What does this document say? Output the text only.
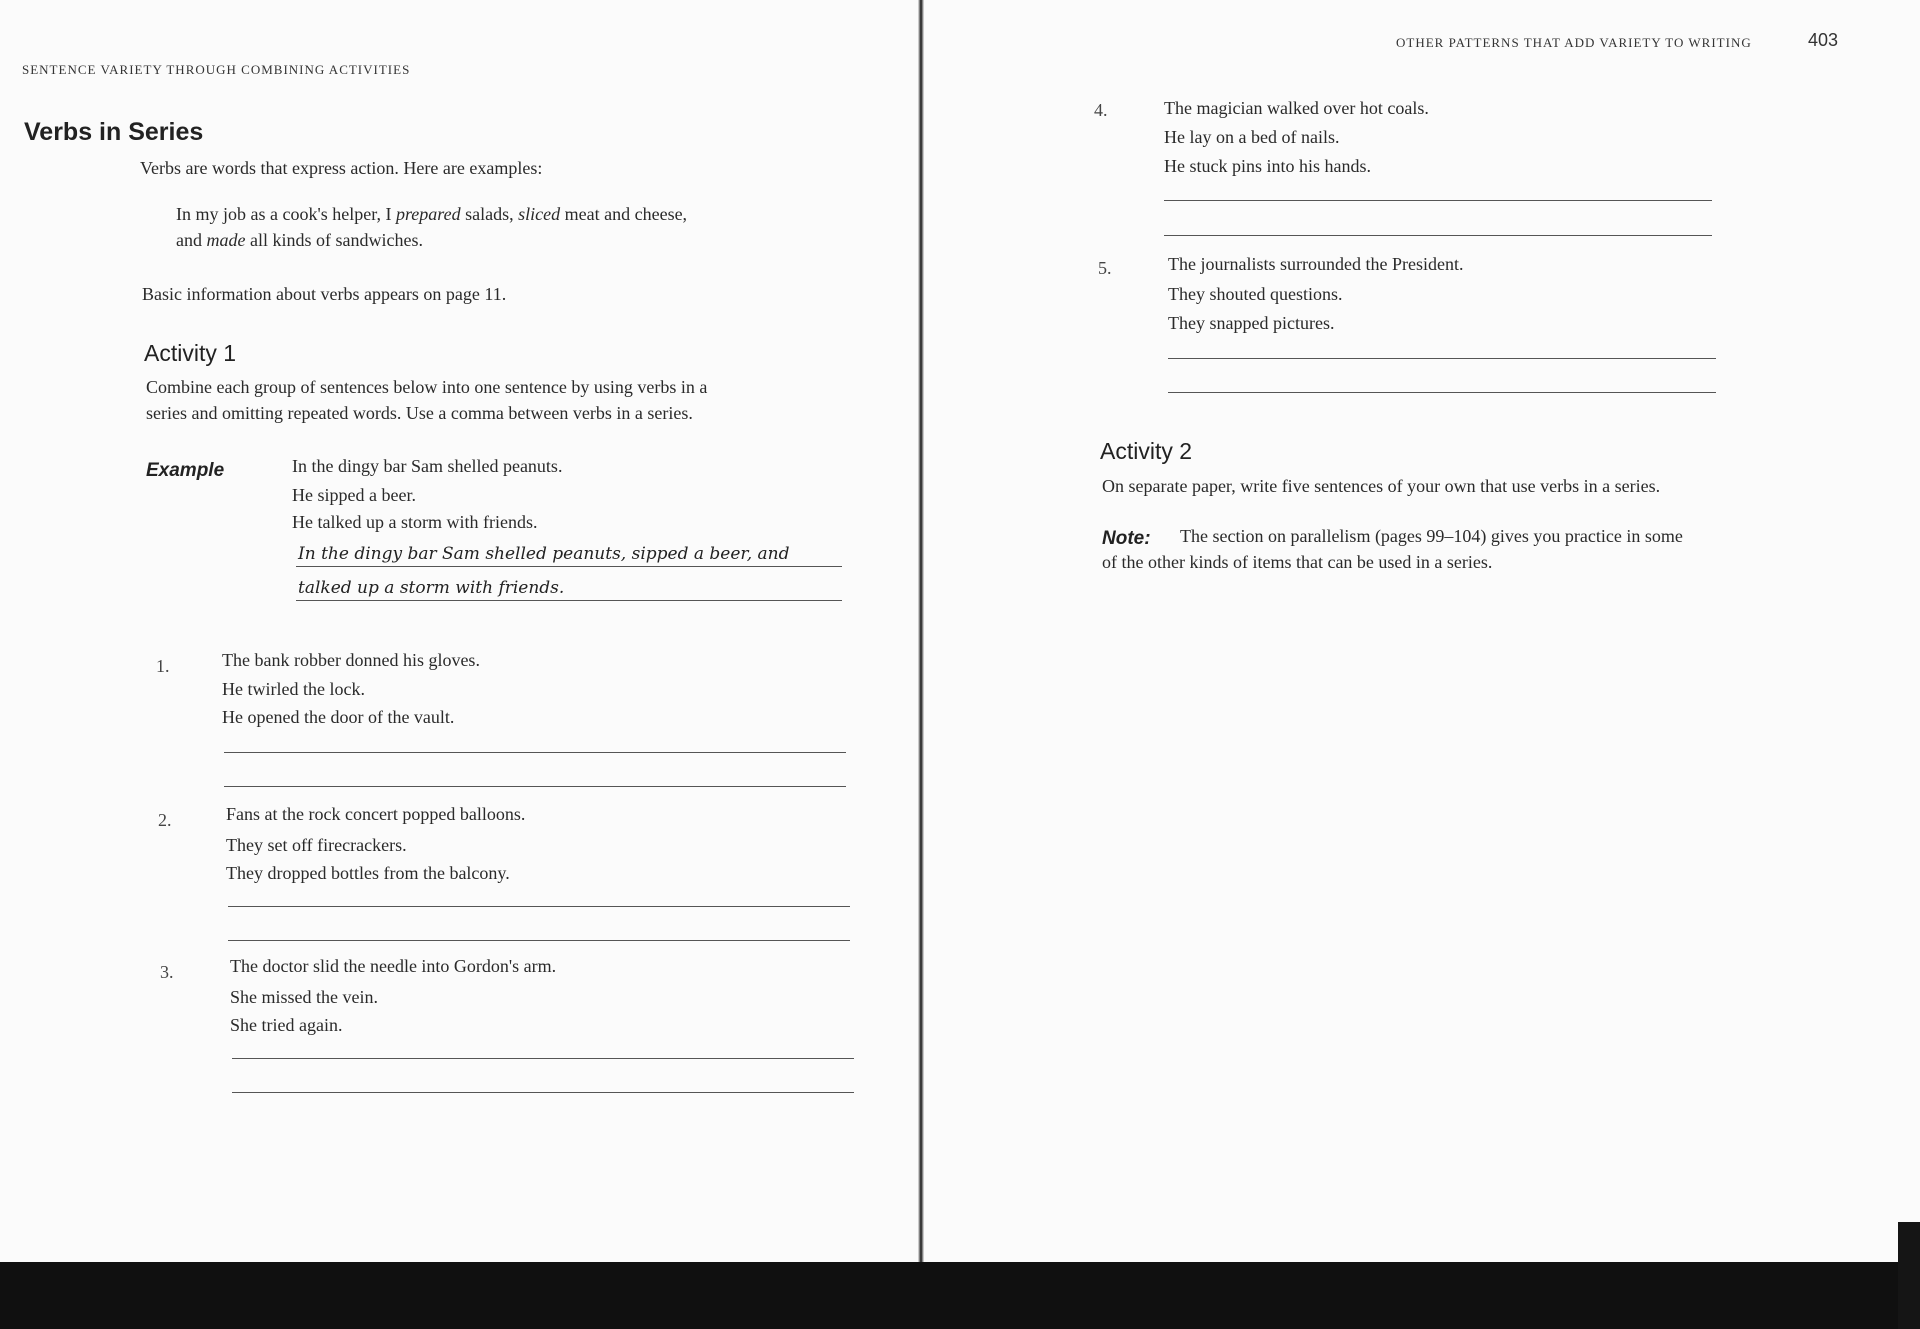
SENTENCE VARIETY THROUGH COMBINING ACTIVITIES
Verbs in Series
Verbs are words that express action. Here are examples:
In my job as a cook's helper, I prepared salads, sliced meat and cheese,
and made all kinds of sandwiches.
Basic information about verbs appears on page 11.
Activity 1
Combine each group of sentences below into one sentence by using verbs in a
series and omitting repeated words. Use a comma between verbs in a series.
Example	In the dingy bar Sam shelled peanuts.
He sipped a beer.
He talked up a storm with friends.
In the dingy bar Sam shelled peanuts, sipped a beer, and
talked up a storm with friends.
1.	The bank robber donned his gloves.
He twirled the lock.
He opened the door of the vault.
2.	Fans at the rock concert popped balloons.
They set off firecrackers.
They dropped bottles from the balcony.
3.	The doctor slid the needle into Gordon's arm.
She missed the vein.
She tried again.
OTHER PATTERNS THAT ADD VARIETY TO WRITING	403
4.	The magician walked over hot coals.
He lay on a bed of nails.
He stuck pins into his hands.
5.	The journalists surrounded the President.
They shouted questions.
They snapped pictures.
Activity 2
On separate paper, write five sentences of your own that use verbs in a series.
Note: The section on parallelism (pages 99–104) gives you practice in some
of the other kinds of items that can be used in a series.
